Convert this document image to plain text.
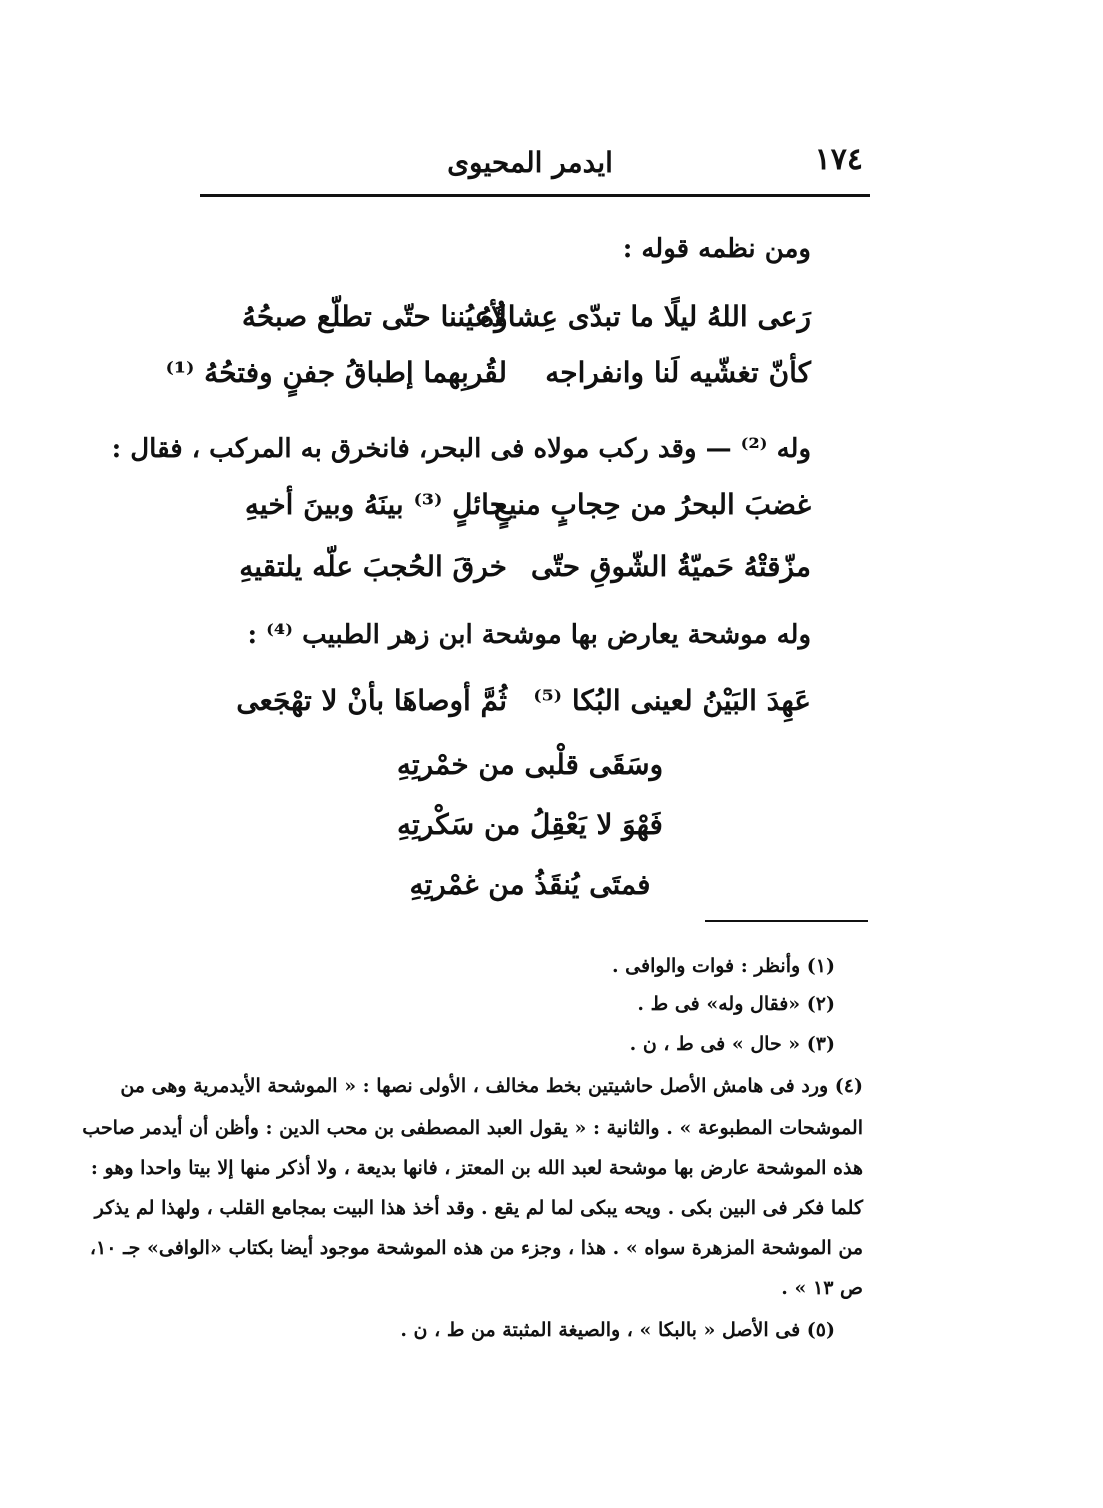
١٧٤
ايدمر المحيوى
ومن نظمه قوله :
رَعى اللهُ ليلًا ما تبدّى عِشاؤُهُ
لأعيُننا حتّى تطلّع صبحُهُ
كأنّ تغشّيه لَنا وانفراجه
لقُربِهما إطباقُ جفنٍ وفتحُهُ ⁽¹⁾
وله ⁽²⁾ — وقد ركب مولاه فى البحر، فانخرق به المركب ، فقال :
غضبَ البحرُ من حِجابٍ منيعٍ
حائلٍ ⁽³⁾ بينَهُ وبينَ أخيهِ
مزّقتْهُ حَميّةُ الشّوقِ حتّى
خرقَ الحُجبَ علّه يلتقيهِ
وله موشحة يعارض بها موشحة ابن زهر الطبيب ⁽⁴⁾ :
عَهِدَ البَيْنُ لعينى البُكا ⁽⁵⁾
ثُمَّ أوصاهَا بأنْ لا تهْجَعى
وسَقَى قلْبى من خمْرتِهِ
فَهْوَ لا يَعْقِلُ من سَكْرتِهِ
فمتَى يُنقَذُ من غمْرتِهِ
(١) وأنظر : فوات والوافى .
(٢) «فقال وله» فى ط .
(٣) « حال » فى ط ، ن .
(٤) ورد فى هامش الأصل حاشيتين بخط مخالف ، الأولى نصها : « الموشحة الأيدمرية وهى من
الموشحات المطبوعة » . والثانية : « يقول العبد المصطفى بن محب الدين : وأظن أن أيدمر صاحب
هذه الموشحة عارض بها موشحة لعبد الله بن المعتز ، فانها بديعة ، ولا أذكر منها إلا بيتا واحدا وهو :
كلما فكر فى البين بكى . ويحه يبكى لما لم يقع . وقد أخذ هذا البيت بمجامع القلب ، ولهذا لم يذكر
من الموشحة المزهرة سواه » . هذا ، وجزء من هذه الموشحة موجود أيضا بكتاب «الوافى» جـ ١٠،
ص ١٣ » .
(٥) فى الأصل « بالبكا » ، والصيغة المثبتة من ط ، ن .
